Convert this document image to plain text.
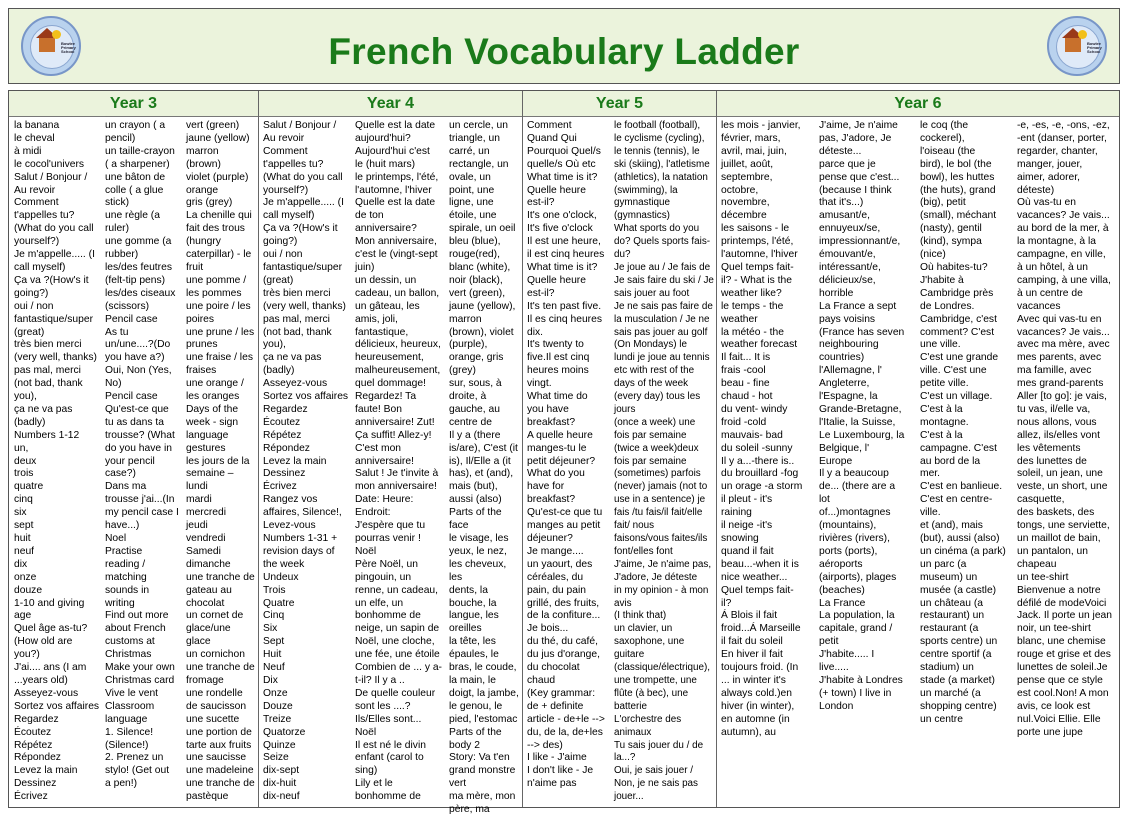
Bowlee Primary School	French Vocabulary Ladder	Bowlee Primary School
Year 3	Year 4	Year 5	Year 6
la banana
le cheval
à midi
le cocol'univers
Salut / Bonjour /
Au revoir
Comment
t'appelles tu?
(What do you call
yourself?)
Je m'appelle..... (I
call myself)
Ça va ?(How's it
going?)
oui / non
fantastique/super
(great)
très bien merci
(very well, thanks)
pas mal, merci
(not bad, thank
you),
ça ne va pas
(badly)
Numbers 1-12
un,
deux
trois
quatre
cinq
six
sept
huit
neuf
dix
onze
douze
1-10 and giving
age
Quel âge as-tu?
(How old are
you?)
J'ai.... ans (I am
...years old)
Asseyez-vous
Sortez vos affaires
Regardez
Écoutez
Répétez
Répondez
Levez la main
Dessinez
Écrivez
un crayon ( a
pencil)
un taille-crayon
( a sharpener)
une bâton de
colle ( a glue
stick)
une règle (a
ruler)
une gomme (a
rubber)
les/des feutres
(felt-tip pens)
les/des ciseaux
(scissors)
Pencil case
As tu
un/une....?(Do
you have a?)
Oui, Non (Yes,
No)
Pencil case
Qu'est-ce que
tu as dans ta
trousse? (What
do you have in
your pencil
case?)
Dans ma
trousse j'ai...(In
my pencil case I
have...)
Noel
Practise
reading /
matching
sounds in
writing
Find out more
about French
customs at
Christmas
Make your own
Christmas card
Vive le vent
Classroom
language
1. Silence!
(Silence!)
2. Prenez un
stylo! (Get out
a pen!)
vert (green)
jaune (yellow)
marron
(brown)
violet (purple)
orange
gris (grey)
La chenille qui
fait des trous
(hungry
caterpillar) - le
fruit
une pomme /
les pommes
une poire / les
poires
une prune / les
prunes
une fraise / les
fraises
une orange /
les oranges
Days of the
week - sign
language
gestures
les jours de la
semaine –
lundi
mardi
mercredi
jeudi
vendredi
Samedi
dimanche
une tranche de
gateau au
chocolat
un cornet de
glace/une
glace
un cornichon
une tranche de
fromage
une rondelle
de saucisson
une sucette
une portion de
tarte aux fruits
une saucisse
une madeleine
une tranche de
pastèque
Salut / Bonjour /
Au revoir
Comment
t'appelles tu?
(What do you call
yourself?)
Je m'appelle..... (I
call myself)
Ça va ?(How's it
going?)
oui / non
fantastique/super
(great)
très bien merci
(very well, thanks)
pas mal, merci
(not bad, thank
you),
ça ne va pas
(badly)
Asseyez-vous
Sortez vos affaires
Regardez
Écoutez
Répétez
Répondez
Levez la main
Dessinez
Écrivez
Rangez vos
affaires, Silence!,
Levez-vous
Numbers 1-31 +
revision days of
the week
Undeux
Trois
Quatre
Cinq
Six
Sept
Huit
Neuf
Dix
Onze
Douze
Treize
Quatorze
Quinze
Seize
dix-sept
dix-huit
dix-neuf
Quelle est la date
aujourd'hui?
Aujourd'hui c'est
le (huit mars)
le printemps, l'été,
l'automne, l'hiver
Quelle est la date
de ton
anniversaire?
Mon anniversaire,
c'est le (vingt-sept
juin)
un dessin, un
cadeau, un ballon,
un gâteau, les
amis, joli,
fantastique,
délicieux, heureux,
heureusement,
malheureusement,
quel dommage!
Regardez! Ta
faute! Bon
anniversaire! Zut!
Ça suffit! Allez-y!
C'est mon
anniversaire!
Salut ! Je t'invite à
mon anniversaire!
Date: Heure:
Endroit:
J'espère que tu
pourras venir !
Noël
Père Noël, un
pingouin, un
renne, un cadeau,
un elfe, un
bonhomme de
neige, un sapin de
Noël, une cloche,
une fée, une étoile
Combien de ... y a-
t-il? Il y a ..
De quelle couleur
sont les ....?
Ils/Elles sont...
Noël
Il est né le divin
enfant (carol to
sing)
Lily et le
bonhomme de
un cercle, un
triangle, un
carré, un
rectangle, un
ovale, un
point, une
ligne, une
étoile, une
spirale, un oeil
bleu (blue),
rouge(red),
blanc (white),
noir (black),
vert (green),
jaune (yellow),
marron
(brown), violet
(purple),
orange, gris
(grey)
sur, sous, à
droite, à
gauche, au
centre de
Il y a (there
is/are), C'est (it
is), Il/Elle a (it
has), et (and),
mais (but),
aussi (also)
Parts of the
face
le visage, les
yeux, le nez,
les cheveux, les
dents, la
bouche, la
langue, les
oreilles
la tête, les
épaules, le
bras, le coude,
la main, le
doigt, la jambe,
le genou, le
pied, l'estomac
Parts of the
body 2
Story: Va t'en
grand monstre
vert
ma mère, mon
père, ma
Comment
Quand Qui
Pourquoi Quel/s
quelle/s Où etc
What time is it?
Quelle heure
est-il?
It's one o'clock,
It's five o'clock
Il est une heure,
il est cinq heures
What time is it?
Quelle heure
est-il?
It's ten past five.
Il es cinq heures
dix.
It's twenty to
five.Il est cinq
heures moins
vingt.
What time do
you have
breakfast?
A quelle heure
manges-tu le
petit déjeuner?
What do you
have for
breakfast?
Qu'est-ce que tu
manges au petit
déjeuner?
Je mange....
un yaourt, des
céréales, du
pain, du pain
grillé, des fruits,
de la confiture...
Je bois...
du thé, du café,
du jus d'orange,
du chocolat
chaud
(Key grammar:
de + definite
article - de+le -->
du, de la, de+les
--> des)
I like - J'aime
I don't like - Je
n'aime pas
le football (football),
le cyclisme (cycling),
le tennis (tennis), le
ski (skiing), l'atletisme
(athletics), la natation
(swimming), la
gymnastique
(gymnastics)
What sports do you
do? Quels sports fais-
du?
Je joue au / Je fais de
Je sais faire du ski / Je
sais jouer au foot
Je ne sais pas faire de
la musculation / Je ne
sais pas jouer au golf
(On Mondays) le
lundi je joue au tennis
etc with rest of the
days of the week
(every day) tous les
jours
(once a week) une
fois par semaine
(twice a week)deux
fois par semaine
(sometimes) parfois
(never) jamais (not to
use in a sentence) je
fais /tu fais/il fait/elle
fait/ nous
faisons/vous faites/ils
font/elles font
J'aime, Je n'aime pas,
J'adore, Je déteste
in my opinion - à mon
avis
(I think that)
un clavier, un
saxophone, une
guitare
(classique/électrique),
une trompette, une
flûte (à bec), une
batterie
L'orchestre des
animaux
Tu sais jouer du / de
la...?
Oui, je sais jouer /
Non, je ne sais pas
jouer...
les mois - janvier,
février, mars,
avril, mai, juin,
juillet, août,
septembre,
octobre,
novembre,
décembre
les saisons - le
printemps, l'été,
l'automne, l'hiver
Quel temps fait-
il? - What is the
weather like?
le temps - the
weather
la météo - the
weather forecast
Il fait... It is
frais -cool
beau - fine
chaud - hot
du vent- windy
froid -cold
mauvais- bad
du soleil -sunny
Il y a...-there is..
du brouillard -fog
un orage -a storm
il pleut - it's
raining
il neige -it's
snowing
quand il fait
beau...-when it is
nice weather...
Quel temps fait-
il?
Á Blois il fait
froid...Á Marseille
il fait du soleil
En hiver il fait
toujours froid. (In
... in winter it's
always cold.)en
hiver (in winter),
en automne (in
autumn), au
J'aime, Je n'aime
pas, J'adore, Je
déteste...
parce que je
pense que c'est...
(because I think
that it's...)
amusant/e,
ennuyeux/se,
impressionnant/e,
émouvant/e,
intéressant/e,
délicieux/se,
horrible
La France a sept
pays voisins
(France has seven
neighbouring
countries)
l'Allemagne, l'
Angleterre,
l'Espagne, la
Grande-Bretagne,
l'Italie, la Suisse,
Le Luxembourg, la
Belgique, l'
Europe
Il y a beaucoup
de... (there are a
lot
of...)montagnes
(mountains),
rivières (rivers),
ports (ports),
aéroports
(airports), plages
(beaches)
La France
La population, la
capitale, grand /
petit
J'habite..... I
live.....
J'habite à Londres
(+ town) I live in
London
le coq (the
cockerel),
l'oiseau (the
bird), le bol (the
bowl), les huttes
(the huts), grand
(big), petit
(small), méchant
(nasty), gentil
(kind), sympa
(nice)
Où habites-tu?
J'habite à
Cambridge près
de Londres.
Cambridge, c'est
comment? C'est
une ville.
C'est une grande
ville. C'est une
petite ville.
C'est un village.
C'est à la
montagne.
C'est à la
campagne. C'est
au bord de la
mer.
C'est en banlieue.
C'est en centre-
ville.
et (and), mais
(but), aussi (also)
un cinéma (a park)
un parc (a
museum) un
musée (a castle)
un château (a
restaurant) un
restaurant (a
sports centre) un
centre sportif (a
stadium) un
stade (a market)
un marché (a
shopping centre)
un centre
-e, -es, -e, -ons, -ez,
-ent (danser, porter,
regarder, chanter,
manger, jouer,
aimer, adorer,
déteste)
Où vas-tu en
vacances? Je vais...
au bord de la mer, à
la montagne, à la
campagne, en ville,
à un hôtel, à un
camping, à une villa,
à un centre de
vacances
Avec qui vas-tu en
vacances? Je vais...
avec ma mère, avec
mes parents, avec
ma famille, avec
mes grand-parents
Aller [to go]: je vais,
tu vas, il/elle va,
nous allons, vous
allez, ils/elles vont
les vêtements
des lunettes de
soleil, un jean, une
veste, un short, une
casquette,
des baskets, des
tongs, une serviette,
un maillot de bain,
un pantalon, un
chapeau
un tee-shirt
Bienvenue a notre
défilé de modeVoici
Jack. Il porte un jean
noir, un tee-shirt
blanc, une chemise
rouge et grise et des
lunettes de soleil.Je
pense que ce style
est cool.Non! A mon
avis, ce look est
nul.Voici Ellie. Elle
porte une jupe
